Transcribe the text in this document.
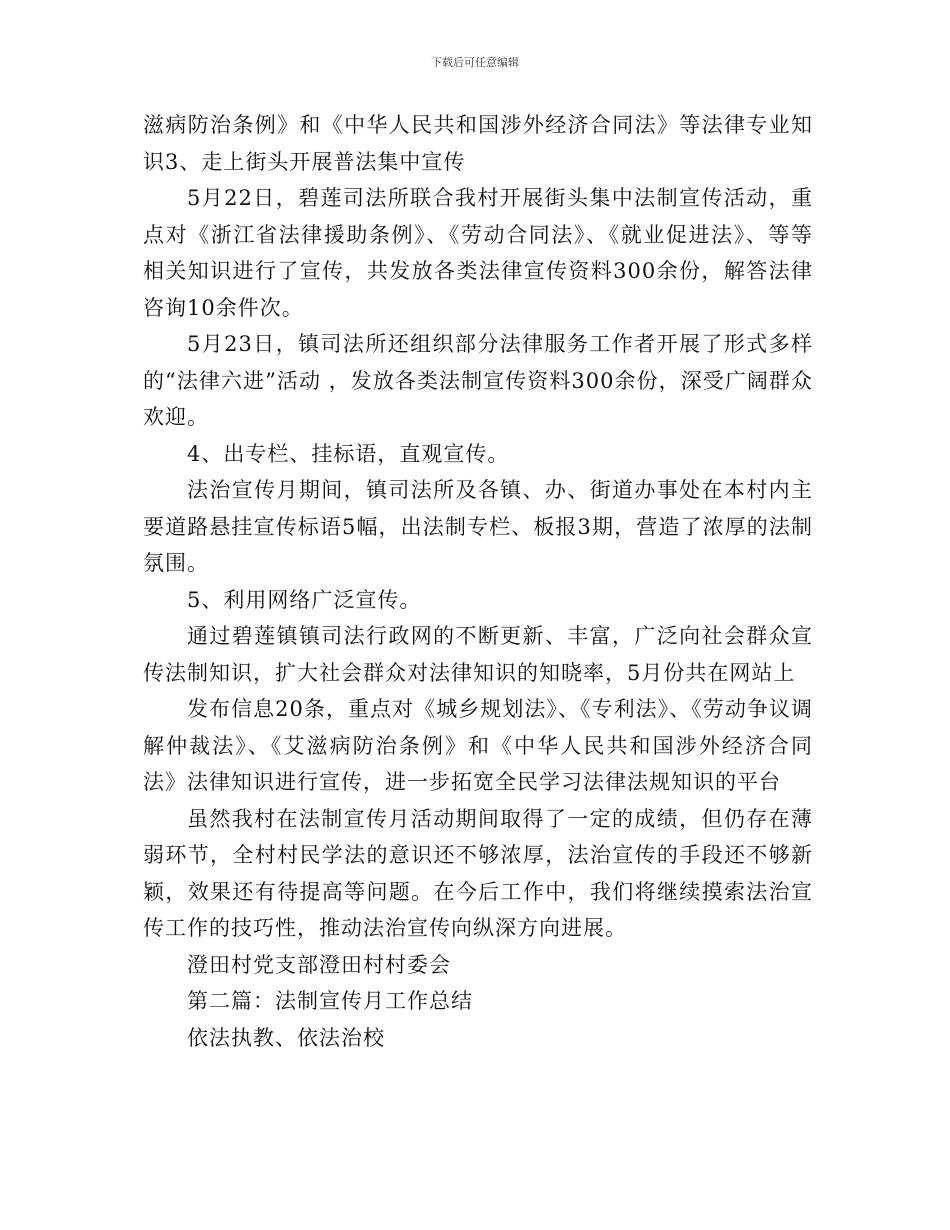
下载后可任意编辑

滋病防治条例》和《中华人民共和国涉外经济合同法》等法律专业知识3、走上街头开展普法集中宣传

5月22日，碧莲司法所联合我村开展街头集中法制宣传活动，重点对《浙江省法律援助条例》、《劳动合同法》、《就业促进法》、等等相关知识进行了宣传，共发放各类法律宣传资料300余份，解答法律咨询10余件次。

5月23日，镇司法所还组织部分法律服务工作者开展了形式多样的“法律六进”活动 ，发放各类法制宣传资料300余份，深受广阔群众欢迎。

4、出专栏、挂标语，直观宣传。

法治宣传月期间，镇司法所及各镇、办、街道办事处在本村内主要道路悬挂宣传标语5幅，出法制专栏、板报3期，营造了浓厚的法制氛围。

5、利用网络广泛宣传。

通过碧莲镇镇司法行政网的不断更新、丰富，广泛向社会群众宣传法制知识，扩大社会群众对法律知识的知晓率，5月份共在网站上

发布信息20条，重点对《城乡规划法》、《专利法》、《劳动争议调解仲裁法》、《艾滋病防治条例》和《中华人民共和国涉外经济合同法》法律知识进行宣传，进一步拓宽全民学习法律法规知识的平台

虽然我村在法制宣传月活动期间取得了一定的成绩，但仍存在薄弱环节，全村村民学法的意识还不够浓厚，法治宣传的手段还不够新颖，效果还有待提高等问题。在今后工作中，我们将继续摸索法治宣传工作的技巧性，推动法治宣传向纵深方向进展。

澄田村党支部澄田村村委会

第二篇：法制宣传月工作总结

依法执教、依法治校
